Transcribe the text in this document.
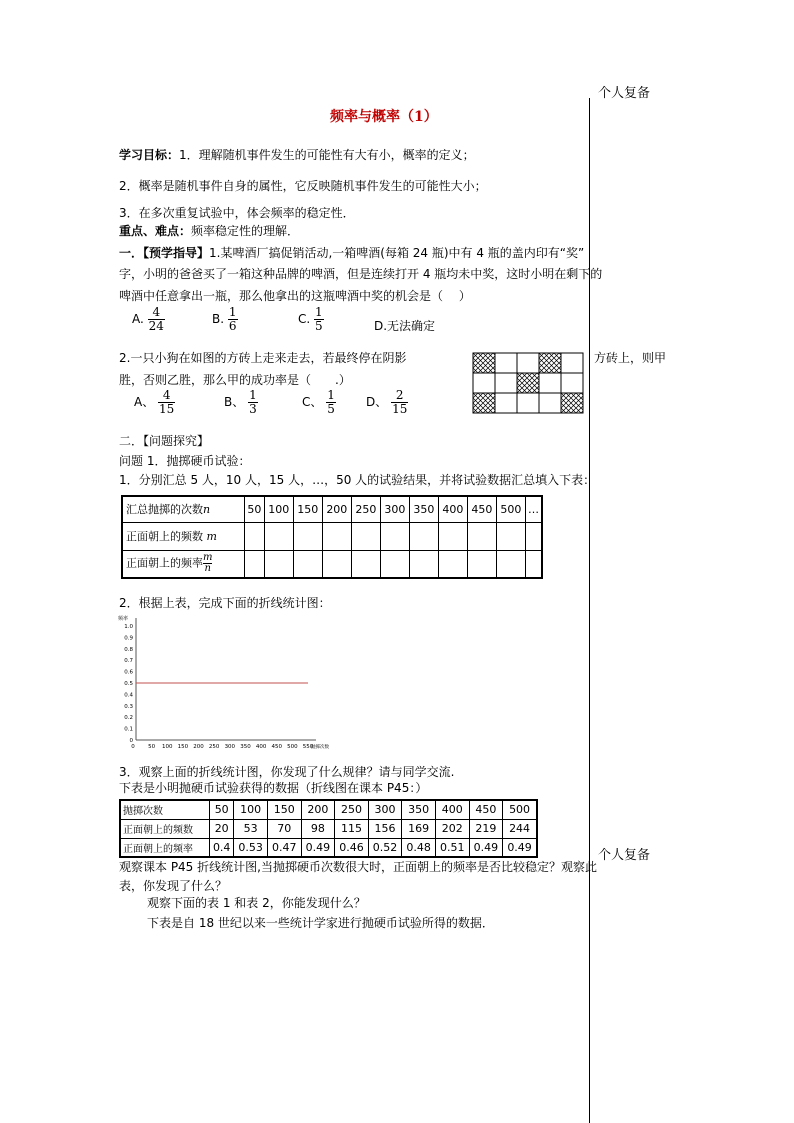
个人复备
频率与概率（1）
学习目标：1．理解随机事件发生的可能性有大有小，概率的定义；
2．概率是随机事件自身的属性，它反映随机事件发生的可能性大小；
3．在多次重复试验中，体会频率的稳定性．
重点、难点：频率稳定性的理解．
一．【预学指导】1.某啤酒厂搞促销活动,一箱啤酒(每箱 24 瓶)中有 4 瓶的盖内印有“奖”
字，小明的爸爸买了一箱这种品牌的啤酒，但是连续打开 4 瓶均未中奖，这时小明在剩下的
啤酒中任意拿出一瓶，那么他拿出的这瓶啤酒中奖的机会是（　 ）
A. $\frac{4}{24}$	B. $\frac{1}{6}$	C. $\frac{1}{5}$	D.无法确定
2.一只小狗在如图的方砖上走来走去，若最终停在阴影	方砖上，则甲
胜，否则乙胜，那么甲的成功率是（　　.）
A、 $\frac{4}{15}$	B、 $\frac{1}{3}$	C、 $\frac{1}{5}$	D、 $\frac{2}{15}$
二．【问题探究】
问题 1．抛掷硬币试验：
1．分别汇总 5 人，10 人，15 人，…，50 人的试验结果，并将试验数据汇总填入下表：
汇总抛掷的次数n	50	100	150	200	250	300	350	400	450	500	…
正面朝上的频数 m											
正面朝上的频率 $\frac{m}{n}$

2．根据上表，完成下面的折线统计图：
频率
0
0.1
0.2
0.3
0.4
0.5
0.6
0.7
0.8
0.9
1.0
0 50 100 150 200 250 300 350 400 450 500 550
抛掷次数
3．观察上面的折线统计图，你发现了什么规律？请与同学交流.
下表是小明抛硬币试验获得的数据（折线图在课本 P45：）
抛掷次数	50	100	150	200	250	300	350	400	450	500
正面朝上的频数	20	53	70	98	115	156	169	202	219	244
正面朝上的频率	0.4	0.53	0.47	0.49	0.46	0.52	0.48	0.51	0.49	0.49
个人复备
观察课本 P45 折线统计图,当抛掷硬币次数很大时，正面朝上的频率是否比较稳定？观察此
表，你发现了什么？
观察下面的表 1 和表 2，你能发现什么？
下表是自 18 世纪以来一些统计学家进行抛硬币试验所得的数据．
